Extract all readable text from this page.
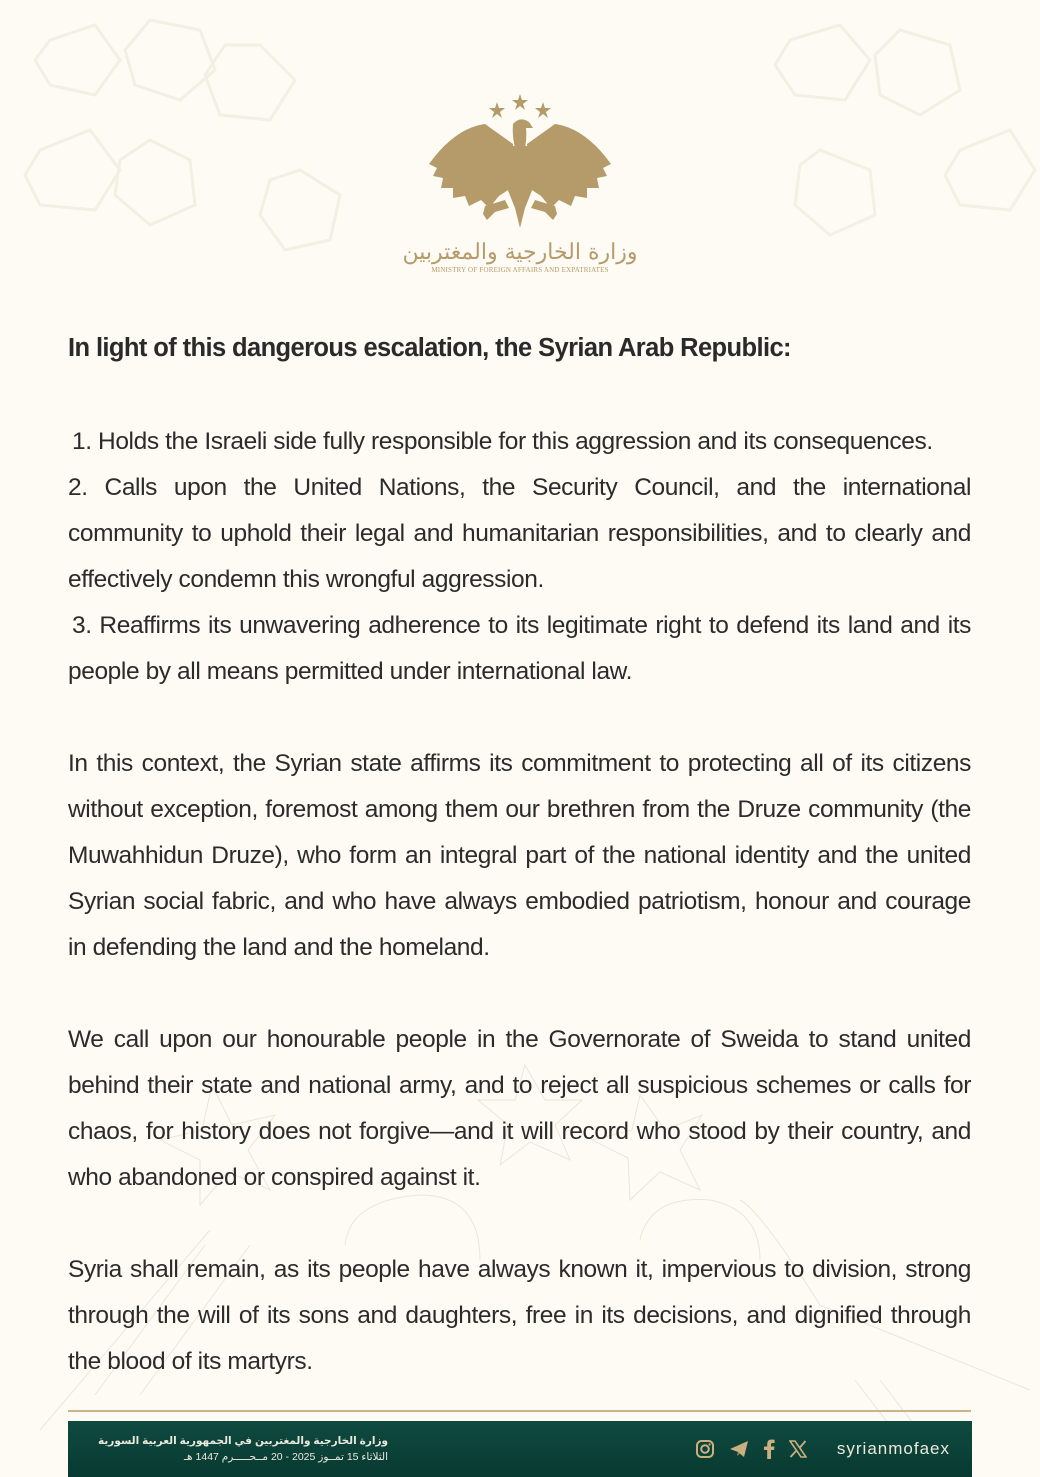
وزارة الخارجية والمغتربين
MINISTRY OF FOREIGN AFFAIRS AND EXPATRIATES

In light of this dangerous escalation, the Syrian Arab Republic:

1. Holds the Israeli side fully responsible for this aggression and its consequences.

2. Calls upon the United Nations, the Security Council, and the international community to uphold their legal and humanitarian responsibilities, and to clearly and effectively condemn this wrongful aggression.

3. Reaffirms its unwavering adherence to its legitimate right to defend its land and its people by all means permitted under international law.

In this context, the Syrian state affirms its commitment to protecting all of its citizens without exception, foremost among them our brethren from the Druze community (the Muwahhidun Druze), who form an integral part of the national identity and the united Syrian social fabric, and who have always embodied patriotism, honour and courage in defending the land and the homeland.

We call upon our honourable people in the Governorate of Sweida to stand united behind their state and national army, and to reject all suspicious schemes or calls for chaos, for history does not forgive—and it will record who stood by their country, and who abandoned or conspired against it.

Syria shall remain, as its people have always known it, impervious to division, strong through the will of its sons and daughters, free in its decisions, and dignified through the blood of its martyrs.

وزارة الخارجية والمغتربين في الجمهورية العربية السورية
الثلاثاء 15 تمــوز 2025 - 20 مــحـــــرم 1447 هـ	syrianmofaex
